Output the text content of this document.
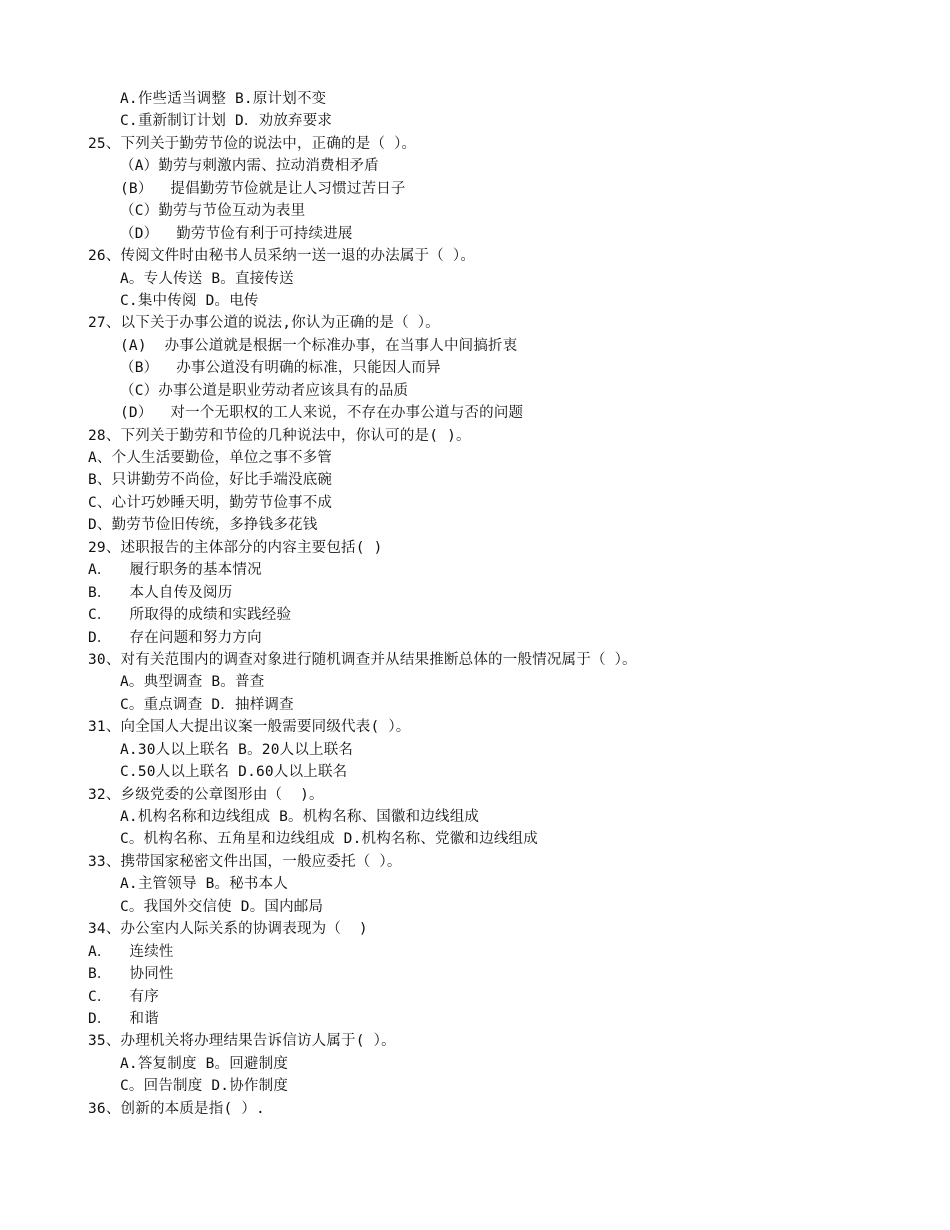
A.作些适当调整 B.原计划不变
C.重新制订计划 D．劝放弃要求
25、下列关于勤劳节俭的说法中，正确的是（ ）。
（A）勤劳与刺激内需、拉动消费相矛盾
(B）  提倡勤劳节俭就是让人习惯过苦日子
（C）勤劳与节俭互动为表里
（D）  勤劳节俭有利于可持续进展
26、传阅文件时由秘书人员采纳一送一退的办法属于（ ）。
A。专人传送 B。直接传送
C.集中传阅 D。电传
27、以下关于办事公道的说法,你认为正确的是（ ）。
(A)  办事公道就是根据一个标准办事，在当事人中间搞折衷
（B）  办事公道没有明确的标准，只能因人而异
（C）办事公道是职业劳动者应该具有的品质
(D）  对一个无职权的工人来说，不存在办事公道与否的问题
28、下列关于勤劳和节俭的几种说法中，你认可的是( )。
A、个人生活要勤俭，单位之事不多管
B、只讲勤劳不尚俭，好比手端没底碗
C、心计巧妙睡天明，勤劳节俭事不成
D、勤劳节俭旧传统，多挣钱多花钱
29、述职报告的主体部分的内容主要包括( )
A．  履行职务的基本情况
B．  本人自传及阅历
C．  所取得的成绩和实践经验
D．  存在问题和努力方向
30、对有关范围内的调查对象进行随机调查并从结果推断总体的一般情况属于（ ）。
A。典型调查 B。普查
C。重点调查 D．抽样调查
31、向全国人大提出议案一般需要同级代表( ）。
A.30人以上联名 B。20人以上联名
C.50人以上联名 D.60人以上联名
32、乡级党委的公章图形由（  )。
A.机构名称和边线组成 B。机构名称、国徽和边线组成
C。机构名称、五角星和边线组成 D.机构名称、党徽和边线组成
33、携带国家秘密文件出国，一般应委托（ ）。
A.主管领导 B。秘书本人
C。我国外交信使 D。国内邮局
34、办公室内人际关系的协调表现为（  )
A．  连续性
B．  协同性
C．  有序
D．  和谐
35、办理机关将办理结果告诉信访人属于( ）。
A.答复制度 B。回避制度
C。回告制度 D.协作制度
36、创新的本质是指( ）.
